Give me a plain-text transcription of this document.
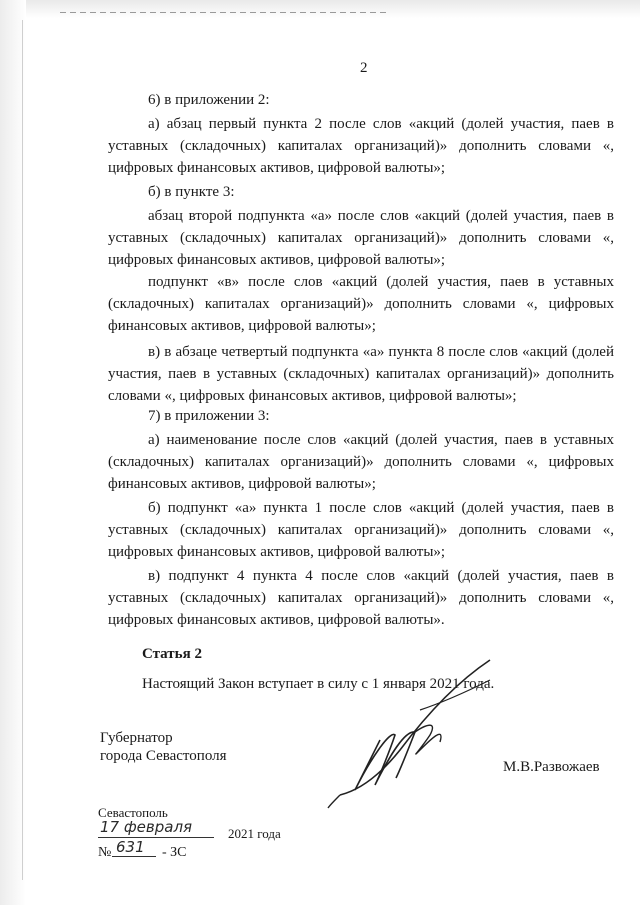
2
6) в приложении 2:

а) абзац первый пункта 2 после слов «акций (долей участия, паев в уставных (складочных) капиталах организаций)» дополнить словами «, цифровых финансовых активов, цифровой валюты»;

б) в пункте 3:

абзац второй подпункта «а» после слов «акций (долей участия, паев в уставных (складочных) капиталах организаций)» дополнить словами «, цифровых финансовых активов, цифровой валюты»;

подпункт «в» после слов «акций (долей участия, паев в уставных (складочных) капиталах организаций)» дополнить словами «, цифровых финансовых активов, цифровой валюты»;

в) в абзаце четвертый подпункта «а» пункта 8 после слов «акций (долей участия, паев в уставных (складочных) капиталах организаций)» дополнить словами «, цифровых финансовых активов, цифровой валюты»;

7) в приложении 3:

а) наименование после слов «акций (долей участия, паев в уставных (складочных) капиталах организаций)» дополнить словами «, цифровых финансовых активов, цифровой валюты»;

б) подпункт «а» пункта 1 после слов «акций (долей участия, паев в уставных (складочных) капиталах организаций)» дополнить словами «, цифровых финансовых активов, цифровой валюты»;

в) подпункт 4 пункта 4 после слов «акций (долей участия, паев в уставных (складочных) капиталах организаций)» дополнить словами «, цифровых финансовых активов, цифровой валюты».

Статья 2
Настоящий Закон вступает в силу с 1 января 2021 года.
Губернатор
города Севастополя
М.В.Развожаев
Севастополь
17 февраля	2021 года
№ 631 - ЗС
